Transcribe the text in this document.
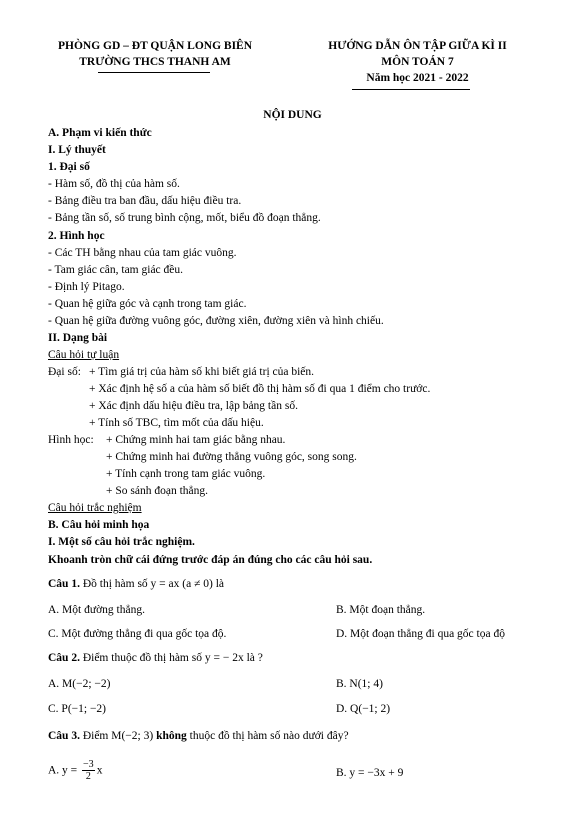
PHÒNG GD – ĐT QUẬN LONG BIÊN
TRƯỜNG THCS THANH AM
HƯỚNG DẪN ÔN TẬP GIỮA KÌ II
MÔN TOÁN 7
Năm học 2021 - 2022
NỘI DUNG
A. Phạm vi kiến thức
I. Lý thuyết
1. Đại số
- Hàm số, đồ thị của hàm số.
- Bảng điều tra ban đầu, dấu hiệu điều tra.
- Bảng tần số, số trung bình cộng, mốt, biểu đồ đoạn thẳng.
2. Hình học
- Các TH bằng nhau của tam giác vuông.
- Tam giác cân, tam giác đều.
- Định lý Pitago.
- Quan hệ giữa góc và cạnh trong tam giác.
- Quan hệ giữa đường vuông góc, đường xiên, đường xiên và hình chiếu.
II. Dạng bài
Câu hỏi tự luận
Đại số: + Tìm giá trị của hàm số khi biết giá trị của biến.
+ Xác định hệ số a của hàm số biết đồ thị hàm số đi qua 1 điểm cho trước.
+ Xác định dấu hiệu điều tra, lập bảng tần số.
+ Tính số TBC, tìm mốt của dấu hiệu.
Hình học: + Chứng minh hai tam giác bằng nhau.
+ Chứng minh hai đường thẳng vuông góc, song song.
+ Tính cạnh trong tam giác vuông.
+ So sánh đoạn thẳng.
Câu hỏi trắc nghiệm
B. Câu hỏi minh họa
I. Một số câu hỏi trắc nghiệm.
Khoanh tròn chữ cái đứng trước đáp án đúng cho các câu hỏi sau.
Câu 1. Đồ thị hàm số y = ax (a ≠ 0) là
A. Một đường thẳng.	B. Một đoạn thẳng.
C. Một đường thẳng đi qua gốc tọa độ.	D. Một đoạn thẳng đi qua gốc tọa độ
Câu 2. Điểm thuộc đồ thị hàm số y = − 2x là ?
A. M(−2; −2)	B. N(1; 4)
C. P(−1; −2)	D. Q(−1; 2)
Câu 3. Điểm M(−2; 3) không thuộc đồ thị hàm số nào dưới đây?
A. $y = \frac{-3}{2}$ x	B. y = −3x + 9
